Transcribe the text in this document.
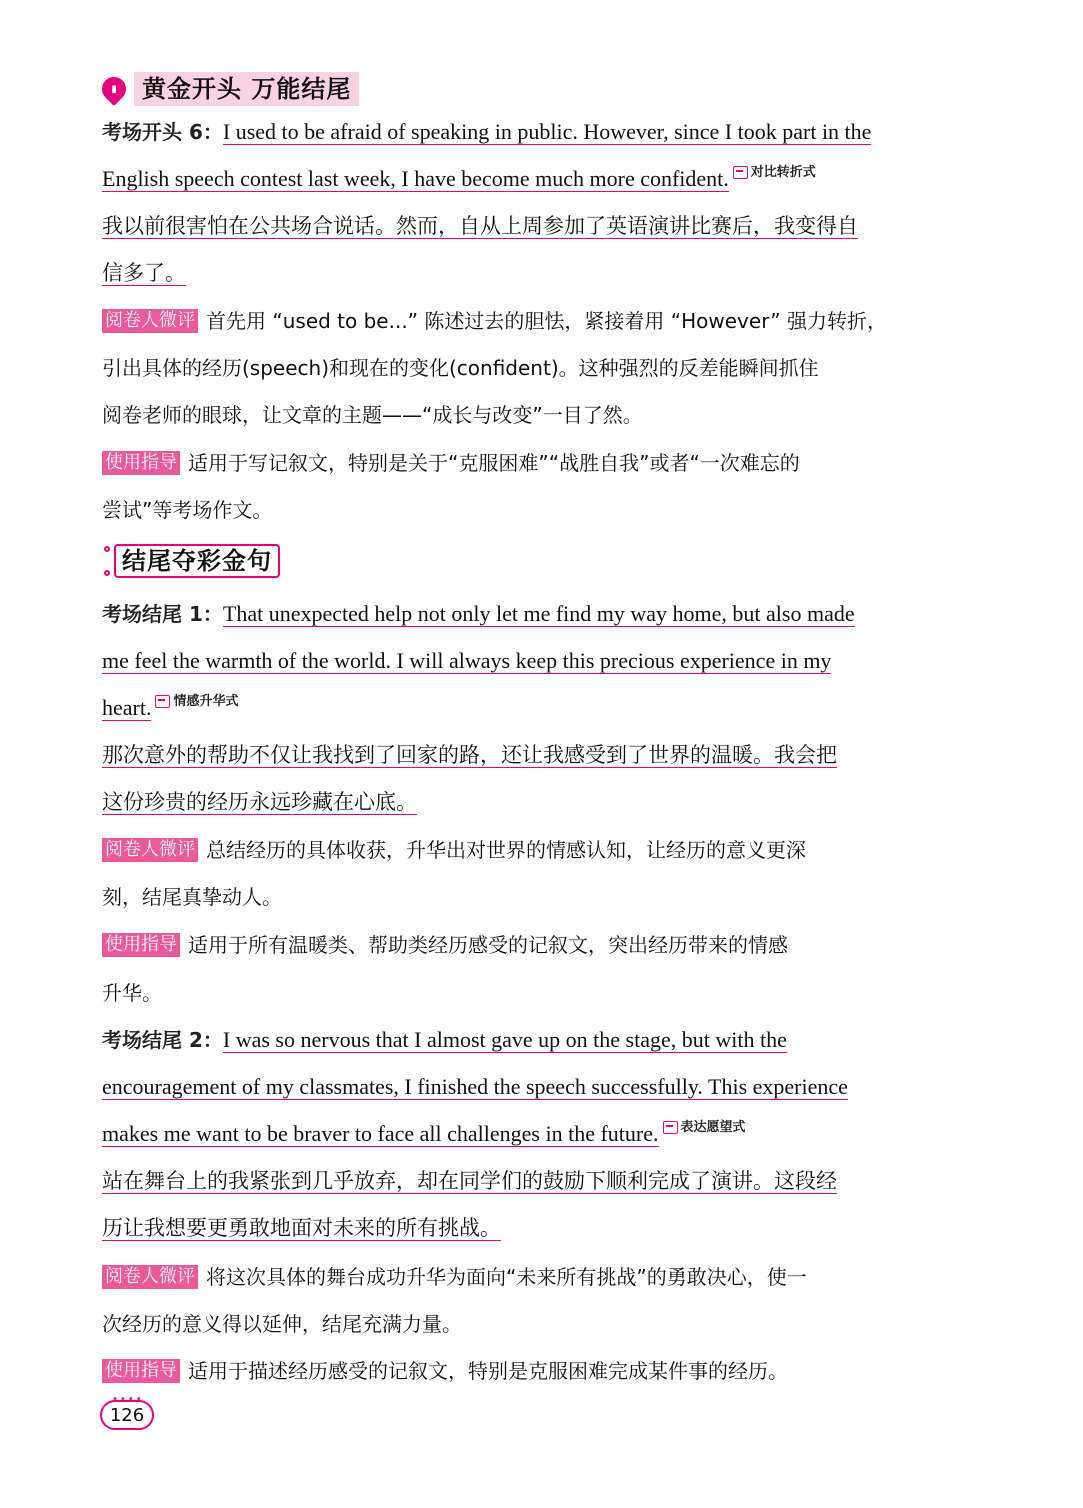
▮	黄金开头 万能结尾
考场开头 6：I used to be afraid of speaking in public. However, since I took part in the
English speech contest last week, I have become much more confident. $^{对比转折式}$
我以前很害怕在公共场合说话。然而，自从上周参加了英语演讲比赛后，我变得自
信多了。
阅卷人微评 首先用 “used to be...” 陈述过去的胆怯，紧接着用 “However” 强力转折，
引出具体的经历(speech)和现在的变化(confident)。这种强烈的反差能瞬间抓住
阅卷老师的眼球，让文章的主题——“成长与改变”一目了然。
使用指导 适用于写记叙文，特别是关于“克服困难”“战胜自我”或者“一次难忘的
尝试”等考场作文。
结尾夺彩金句
考场结尾 1：That unexpected help not only let me find my way home, but also made
me feel the warmth of the world. I will always keep this precious experience in my
heart. $^{情感升华式}$
那次意外的帮助不仅让我找到了回家的路，还让我感受到了世界的温暖。我会把
这份珍贵的经历永远珍藏在心底。
阅卷人微评 总结经历的具体收获，升华出对世界的情感认知，让经历的意义更深
刻，结尾真挚动人。
使用指导 适用于所有温暖类、帮助类经历感受的记叙文，突出经历带来的情感
升华。
考场结尾 2：I was so nervous that I almost gave up on the stage, but with the
encouragement of my classmates, I finished the speech successfully. This experience
makes me want to be braver to face all challenges in the future. $^{表达愿望式}$
站在舞台上的我紧张到几乎放弃，却在同学们的鼓励下顺利完成了演讲。这段经
历让我想要更勇敢地面对未来的所有挑战。
阅卷人微评 将这次具体的舞台成功升华为面向“未来所有挑战”的勇敢决心，使一
次经历的意义得以延伸，结尾充满力量。
使用指导 适用于描述经历感受的记叙文，特别是克服困难完成某件事的经历。
••••
126
